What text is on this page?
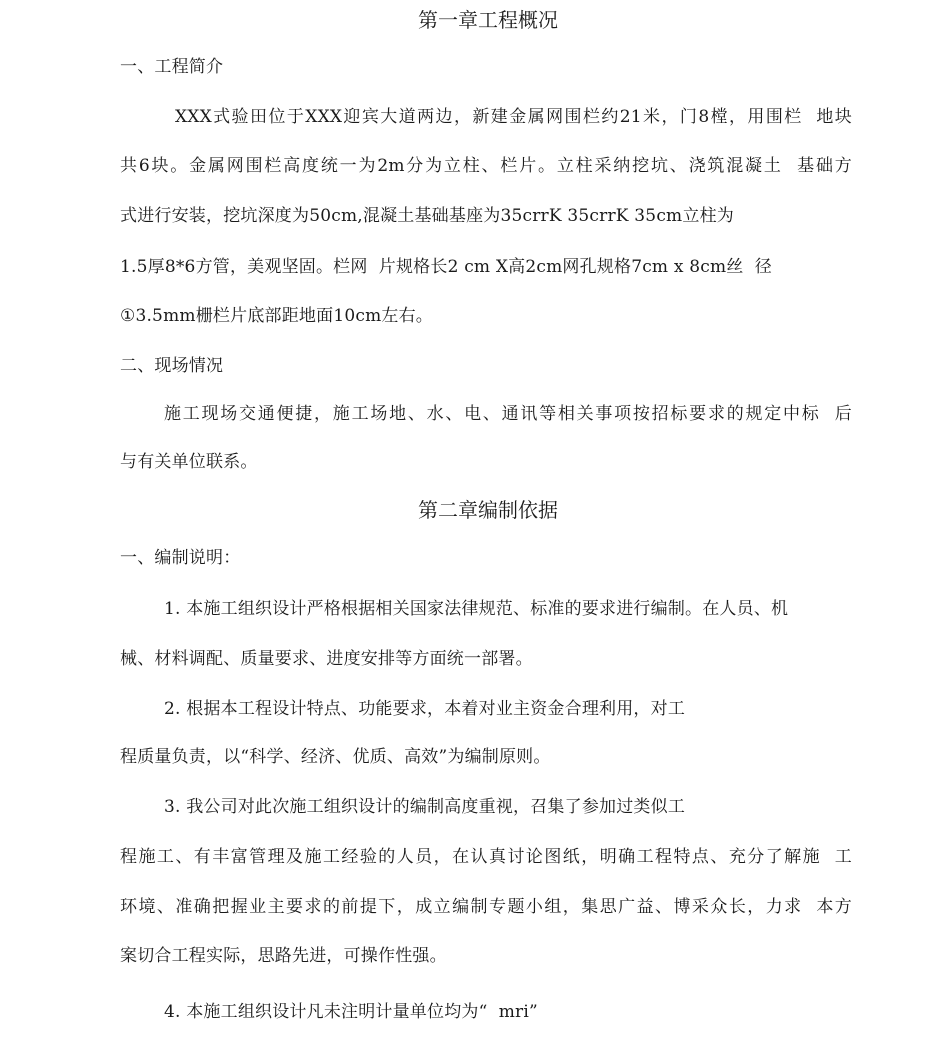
第一章工程概况
一、工程简介
XXX式验田位于XXX迎宾大道两边，新建金属网围栏约21米，门8樘，用围栏  地块
共6块。金属网围栏高度统一为2m分为立柱、栏片。立柱采纳挖坑、浇筑混凝土  基础方
式进行安装，挖坑深度为50cm,混凝土基础基座为35crrK 35crrK 35cm立柱为
1.5厚8*6方管，美观坚固。栏网  片规格长2 cm X高2cm网孔规格7cm x 8cm丝  径
①3.5mm栅栏片底部距地面10cm左右。
二、现场情况
施工现场交通便捷，施工场地、水、电、通讯等相关事项按招标要求的规定中标  后
与有关单位联系。
第二章编制依据
一、编制说明：
1. 本施工组织设计严格根据相关国家法律规范、标准的要求进行编制。在人员、机
械、材料调配、质量要求、进度安排等方面统一部署。
2. 根据本工程设计特点、功能要求，本着对业主资金合理利用，对工
程质量负责，以“科学、经济、优质、高效”为编制原则。
3. 我公司对此次施工组织设计的编制高度重视，召集了参加过类似工
程施工、有丰富管理及施工经验的人员，在认真讨论图纸，明确工程特点、充分了解施  工
环境、准确把握业主要求的前提下，成立编制专题小组，集思广益、博采众长，力求  本方
案切合工程实际，思路先进，可操作性强。
4. 本施工组织设计凡未注明计量单位均为“  mri”
